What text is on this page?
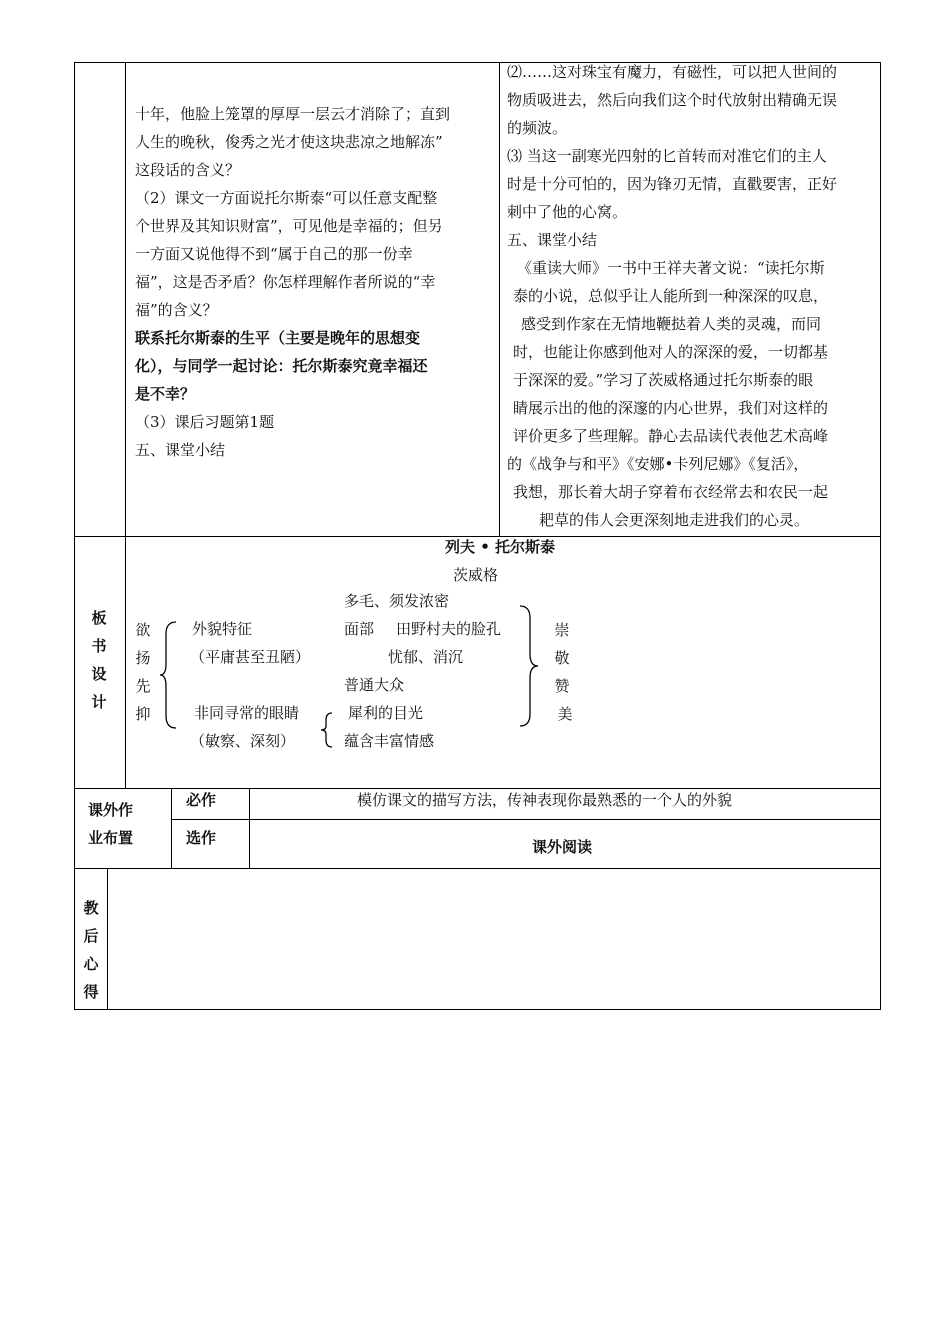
十年，他脸上笼罩的厚厚一层云才消除了；直到
人生的晚秋，俊秀之光才使这块悲凉之地解冻”
这段话的含义？
（2）课文一方面说托尔斯泰“可以任意支配整
个世界及其知识财富”，可见他是幸福的；但另
一方面又说他得不到“属于自己的那一份幸
福”，这是否矛盾？你怎样理解作者所说的“幸
福”的含义？
联系托尔斯泰的生平（主要是晚年的思想变
化），与同学一起讨论：托尔斯泰究竟幸福还
是不幸？
（3）课后习题第1题
五、课堂小结
⑵……这对珠宝有魔力，有磁性，可以把人世间的
物质吸进去，然后向我们这个时代放射出精确无误
的频波。
⑶ 当这一副寒光四射的匕首转而对准它们的主人
时是十分可怕的，因为锋刃无情，直戳要害，正好
刺中了他的心窝。
五、课堂小结
《重读大师》一书中王祥夫著文说：“读托尔斯
泰的小说，总似乎让人能所到一种深深的叹息，
感受到作家在无情地鞭挞着人类的灵魂，而同
时，也能让你感到他对人的深深的爱，一切都基
于深深的爱。”学习了茨威格通过托尔斯泰的眼
睛展示出的他的深邃的内心世界，我们对这样的
评价更多了些理解。静心去品读代表他艺术高峰
的《战争与和平》《安娜•卡列尼娜》《复活》，
我想，那长着大胡子穿着布衣经常去和农民一起
耙草的伟人会更深刻地走进我们的心灵。
板
书
设
计
列夫 • 托尔斯泰
茨威格
欲
扬
先
抑
外貌特征
（平庸甚至丑陋）
多毛、须发浓密
面部 田野村夫的脸孔
忧郁、消沉
普通大众
非同寻常的眼睛
（敏察、深刻）
犀利的目光
蕴含丰富情感
崇
敬
赞
美
课外作
业布置
必作	模仿课文的描写方法，传神表现你最熟悉的一个人的外貌
选作	课外阅读
教
后
心
得
